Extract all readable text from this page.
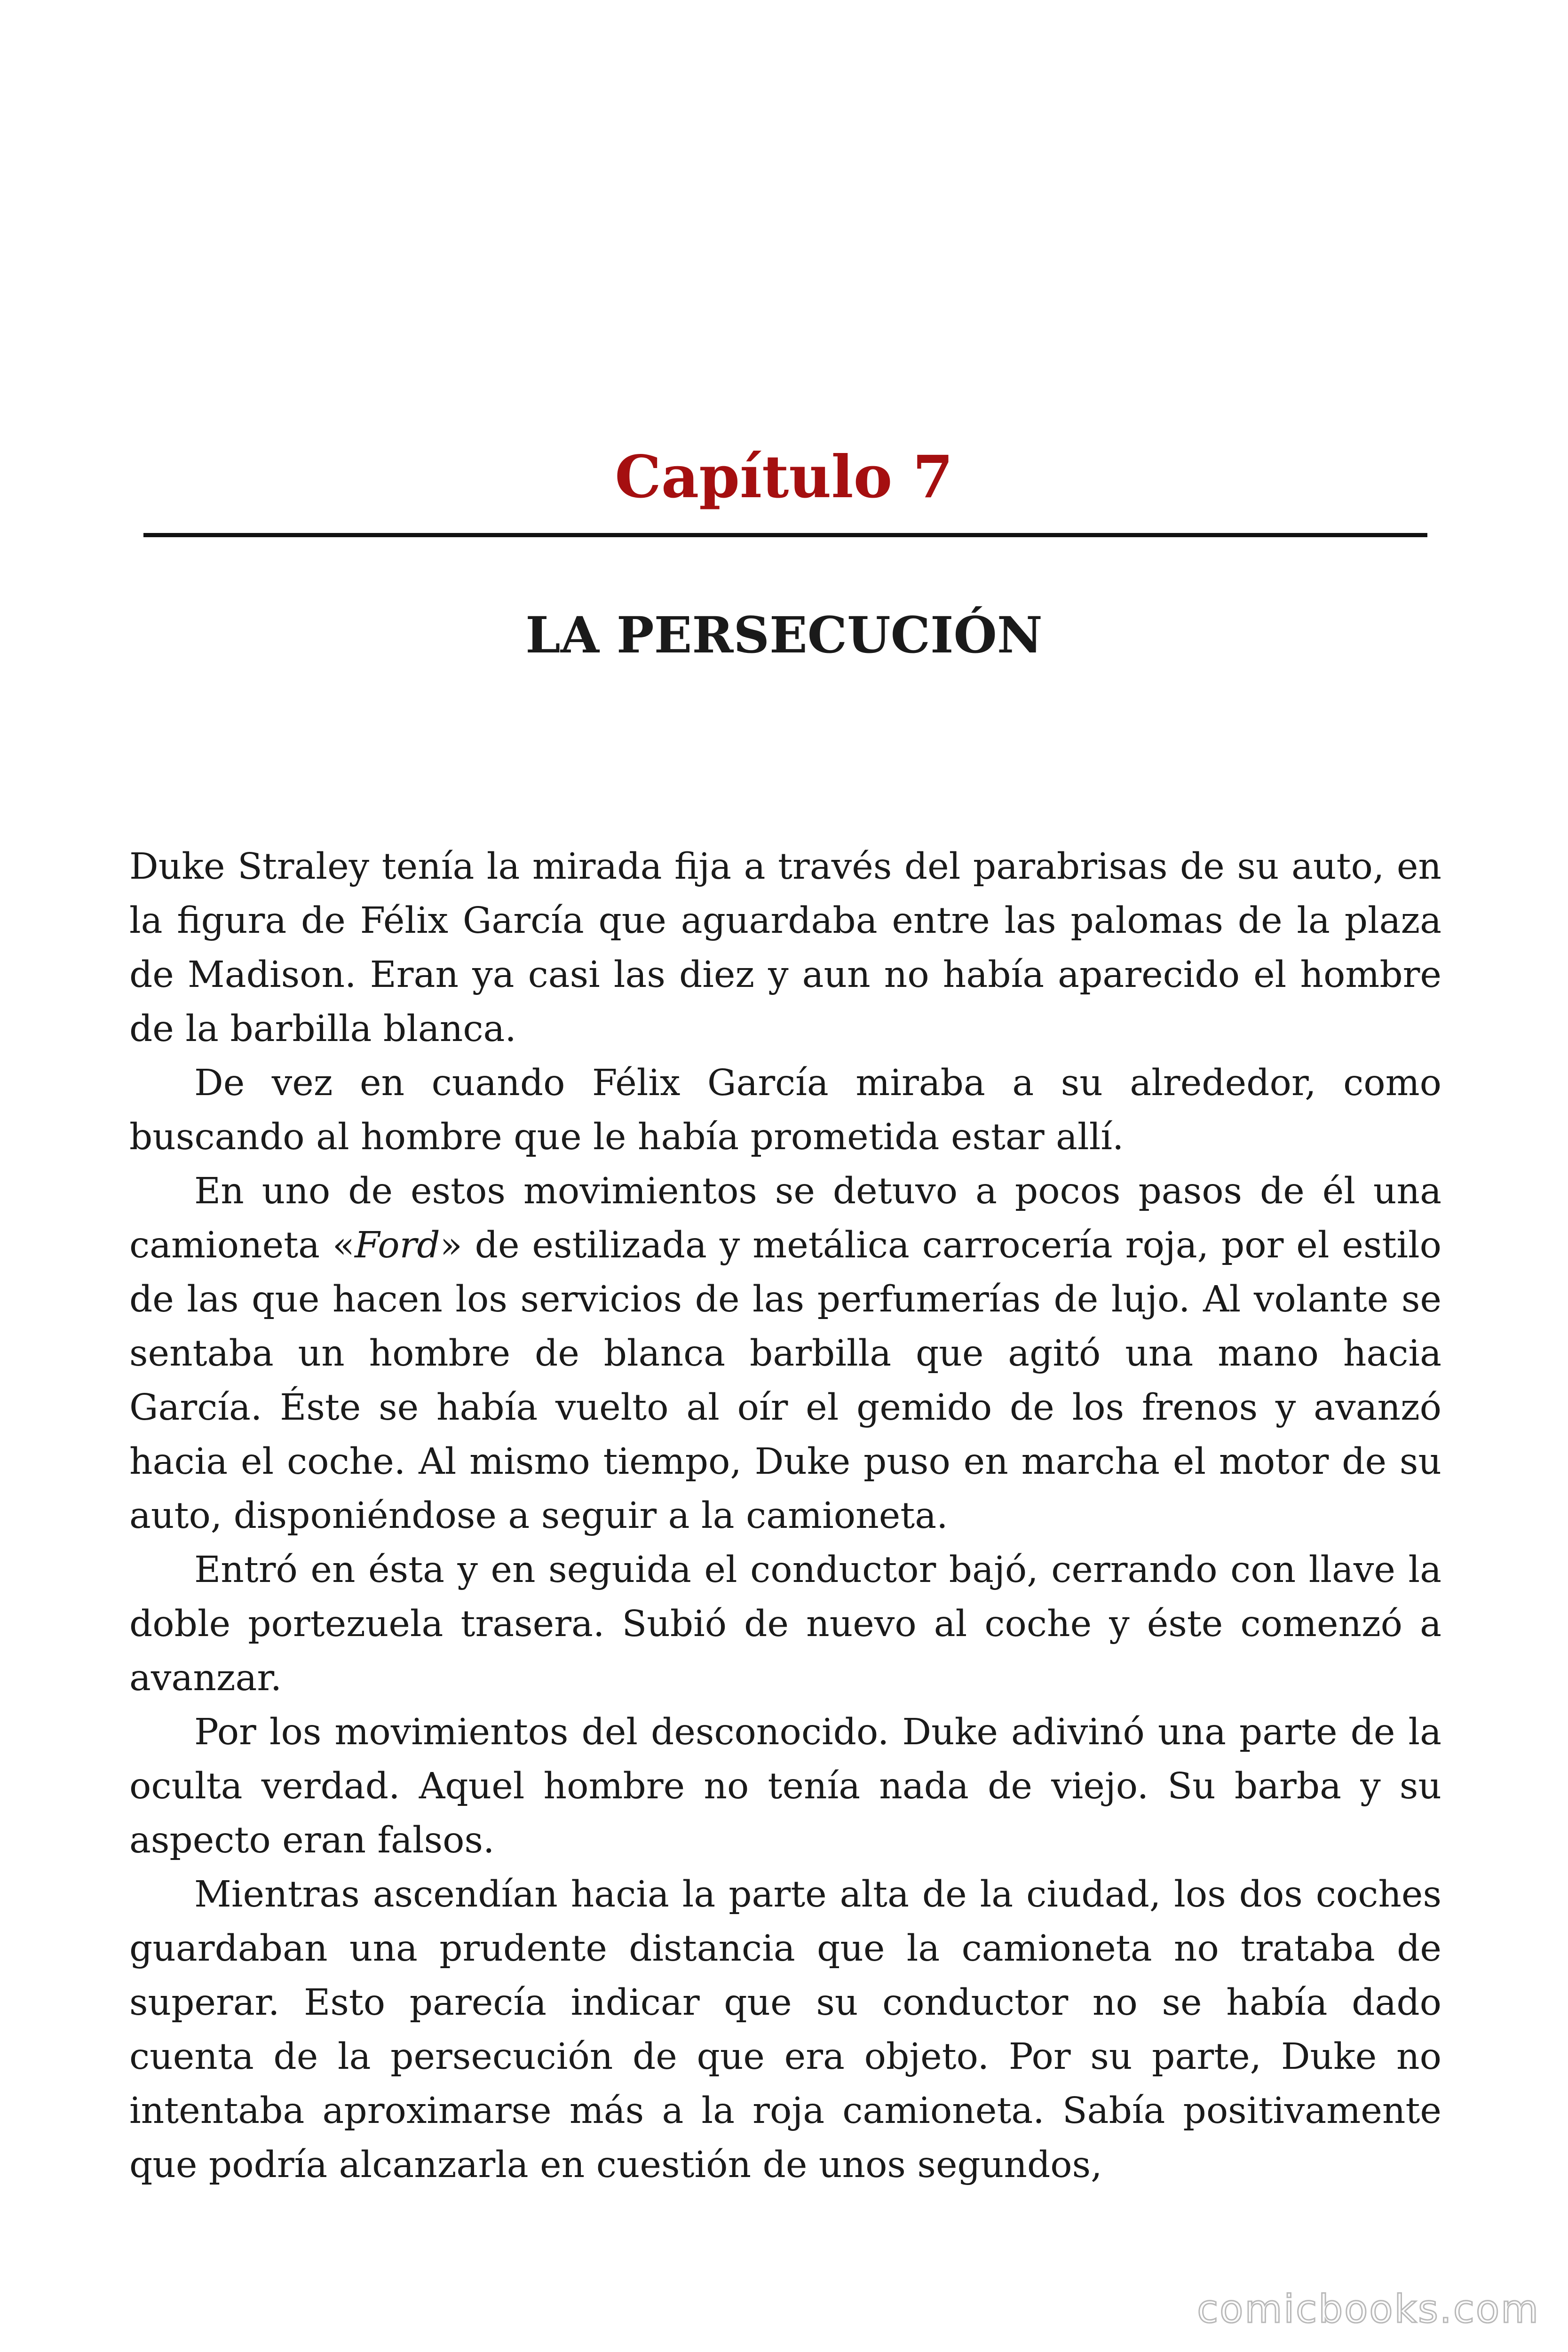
Capítulo 7
LA PERSECUCIÓN

Duke Straley tenía la mirada fija a través del parabrisas de su auto, en la figura de Félix García que aguardaba entre las palomas de la plaza de Madison. Eran ya casi las diez y aun no había aparecido el hombre de la barbilla blanca.

De vez en cuando Félix García miraba a su alrededor, como buscando al hombre que le había prometida estar allí.

En uno de estos movimientos se detuvo a pocos pasos de él una camioneta «Ford» de estilizada y metálica carrocería roja, por el estilo de las que hacen los servicios de las perfumerías de lujo. Al volante se sentaba un hombre de blanca barbilla que agitó una mano hacia García. Éste se había vuelto al oír el gemido de los frenos y avanzó hacia el coche. Al mismo tiempo, Duke puso en marcha el motor de su auto, disponiéndose a seguir a la camioneta.

Entró en ésta y en seguida el conductor bajó, cerrando con llave la doble portezuela trasera. Subió de nuevo al coche y éste comenzó a avanzar.

Por los movimientos del desconocido. Duke adivinó una parte de la oculta verdad. Aquel hombre no tenía nada de viejo. Su barba y su aspecto eran falsos.

Mientras ascendían hacia la parte alta de la ciudad, los dos coches guardaban una prudente distancia que la camioneta no trataba de superar. Esto parecía indicar que su conductor no se había dado cuenta de la persecución de que era objeto. Por su parte, Duke no intentaba aproximarse más a la roja camioneta. Sabía positivamente que podría alcanzarla en cuestión de unos segundos,

comicbooks.com
